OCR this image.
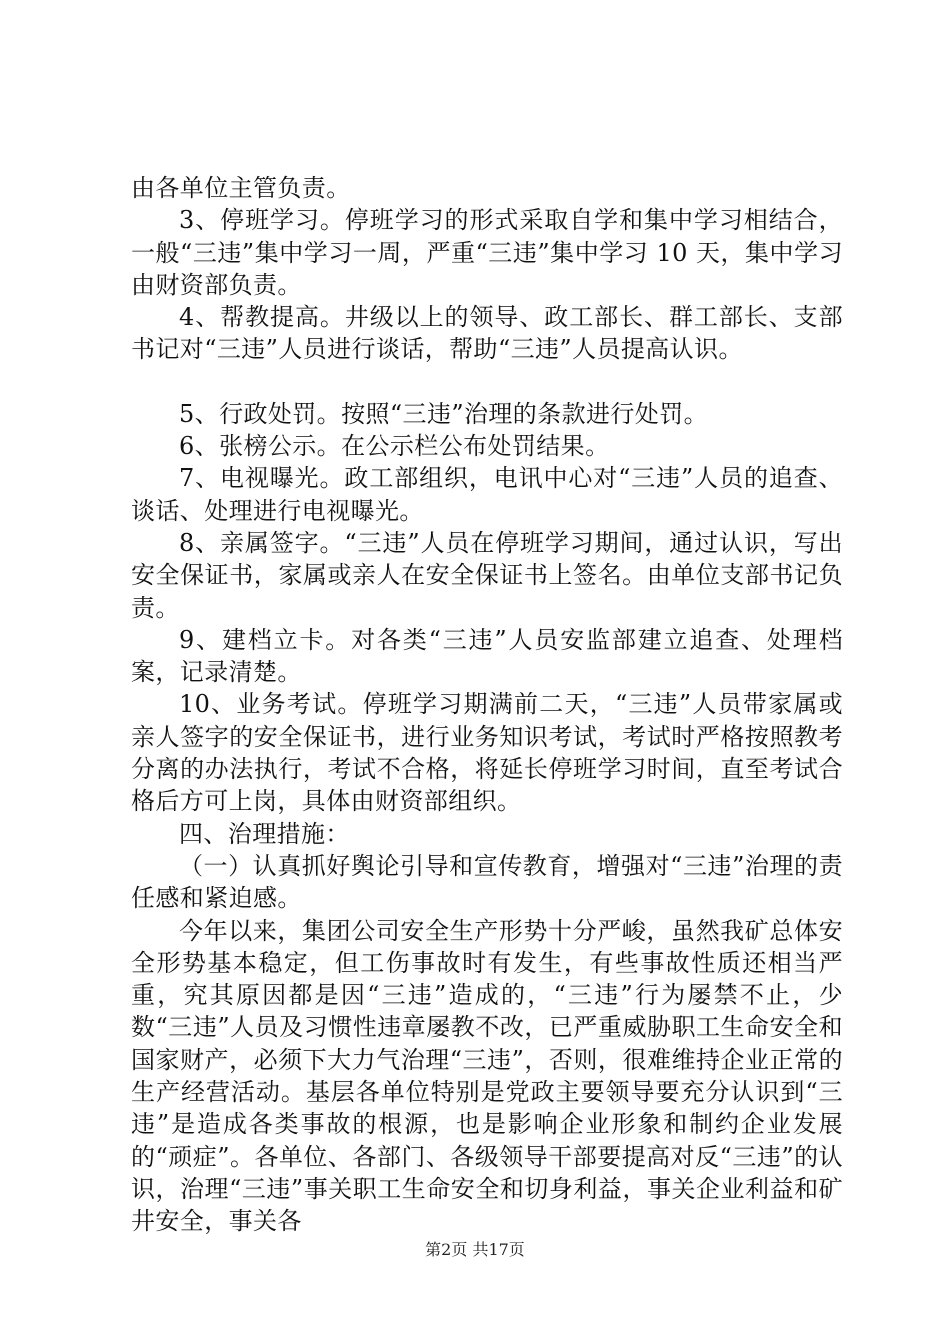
由各单位主管负责。

3、停班学习。停班学习的形式采取自学和集中学习相结合，一般“三违”集中学习一周，严重“三违”集中学习 10 天，集中学习由财资部负责。

4、帮教提高。井级以上的领导、政工部长、群工部长、支部书记对“三违”人员进行谈话，帮助“三违”人员提高认识。

5、行政处罚。按照“三违”治理的条款进行处罚。

6、张榜公示。在公示栏公布处罚结果。

7、电视曝光。政工部组织，电讯中心对“三违”人员的追查、谈话、处理进行电视曝光。

8、亲属签字。“三违”人员在停班学习期间，通过认识，写出安全保证书，家属或亲人在安全保证书上签名。由单位支部书记负责。

9、建档立卡。对各类“三违”人员安监部建立追查、处理档案，记录清楚。

10、业务考试。停班学习期满前二天，“三违”人员带家属或亲人签字的安全保证书，进行业务知识考试，考试时严格按照教考分离的办法执行，考试不合格，将延长停班学习时间，直至考试合格后方可上岗，具体由财资部组织。

四、治理措施：

（一）认真抓好舆论引导和宣传教育，增强对“三违”治理的责任感和紧迫感。

今年以来，集团公司安全生产形势十分严峻，虽然我矿总体安全形势基本稳定，但工伤事故时有发生，有些事故性质还相当严重，究其原因都是因“三违”造成的，“三违”行为屡禁不止，少数“三违”人员及习惯性违章屡教不改，已严重威胁职工生命安全和国家财产，必须下大力气治理“三违”，否则，很难维持企业正常的生产经营活动。基层各单位特别是党政主要领导要充分认识到“三违”是造成各类事故的根源，也是影响企业形象和制约企业发展的“顽症”。各单位、各部门、各级领导干部要提高对反“三违”的认识，治理“三违”事关职工生命安全和切身利益，事关企业利益和矿井安全，事关各

第2页 共17页
